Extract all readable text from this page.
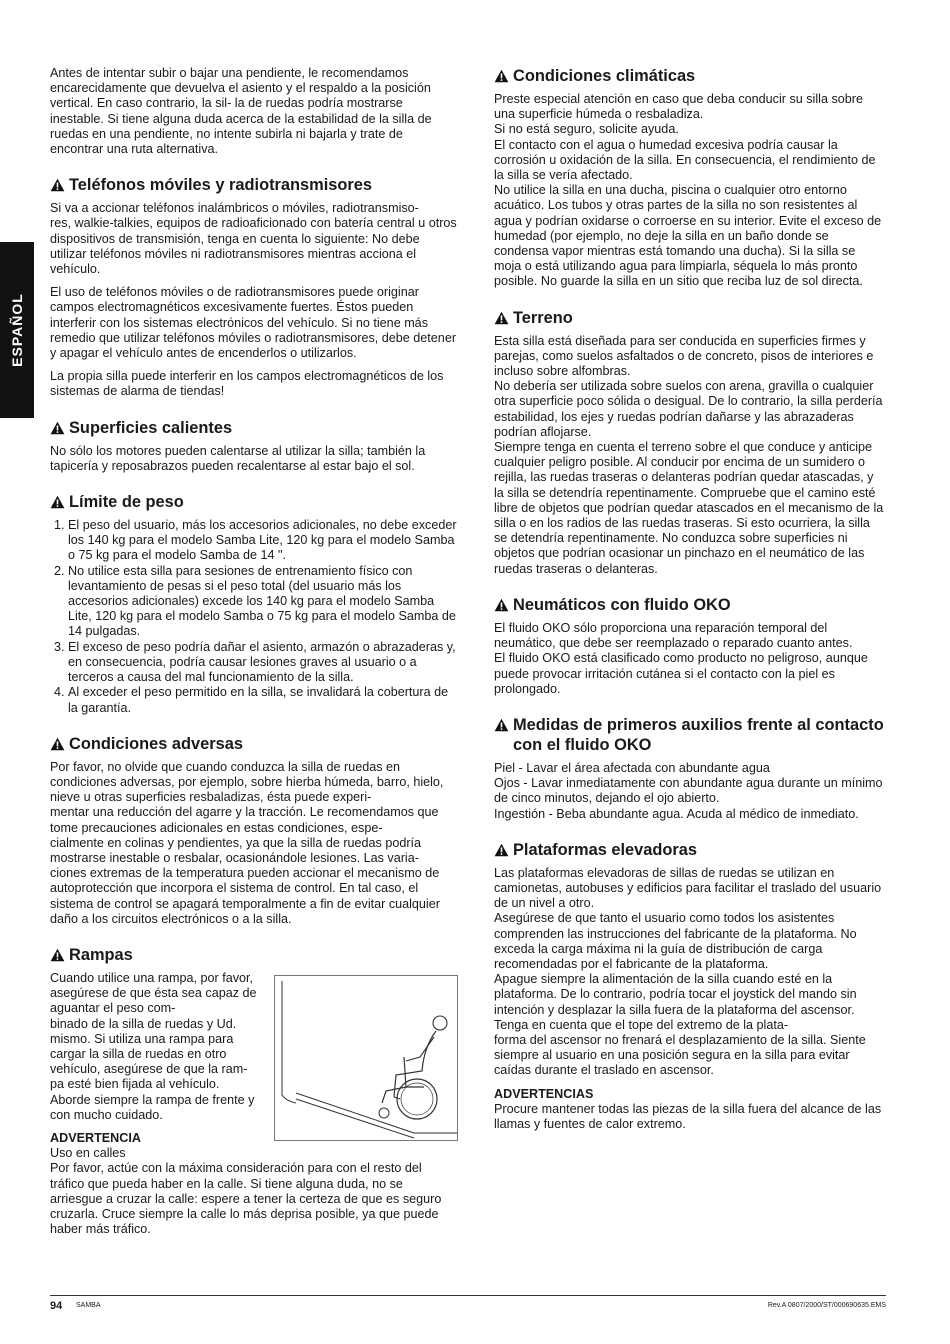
ESPAÑOL

Antes de intentar subir o bajar una pendiente, le recomendamos encarecidamente que devuelva el asiento y el respaldo a la posición vertical. En caso contrario, la sil- la de ruedas podría mostrarse inestable. Si tiene alguna duda acerca de la estabilidad de la silla de ruedas en una pendiente, no intente subirla ni bajarla y trate de encontrar una ruta alternativa.

Teléfonos móviles y radiotransmisores

Si va a accionar teléfonos inalámbricos o móviles, radiotransmiso-
res, walkie-talkies, equipos de radioaficionado con batería central u otros dispositivos de transmisión, tenga en cuenta lo siguiente: No debe utilizar teléfonos móviles ni radiotransmisores mientras acciona el vehículo.

El uso de teléfonos móviles o de radiotransmisores puede originar campos electromagnéticos excesivamente fuertes. Éstos pueden interferir con los sistemas electrónicos del vehículo. Si no tiene más remedio que utilizar teléfonos móviles o radiotransmisores, debe detener y apagar el vehículo antes de encenderlos o utilizarlos.

La propia silla puede interferir en los campos electromagnéticos de los sistemas de alarma de tiendas!

Superficies calientes

No sólo los motores pueden calentarse al utilizar la silla; también la tapicería y reposabrazos pueden recalentarse al estar bajo el sol.

Límite de peso
1. El peso del usuario, más los accesorios adicionales, no debe exceder los 140 kg para el modelo Samba Lite, 120 kg para el modelo Samba o 75 kg para el modelo Samba de 14 ".
2. No utilice esta silla para sesiones de entrenamiento físico con levantamiento de pesas si el peso total (del usuario más los accesorios adicionales) excede los 140 kg para el modelo Samba Lite, 120 kg para el modelo Samba o 75 kg para el modelo Samba de 14 pulgadas.
3. El exceso de peso podría dañar el asiento, armazón o abrazaderas y, en consecuencia, podría causar lesiones graves al usuario o a terceros a causa del mal funcionamiento de la silla.
4. Al exceder el peso permitido en la silla, se invalidará la cobertura de la garantía.
Condiciones adversas

Por favor, no olvide que cuando conduzca la silla de ruedas en condiciones adversas, por ejemplo, sobre hierba húmeda, barro, hielo, nieve u otras superficies resbaladizas, ésta puede experi-
mentar una reducción del agarre y la tracción. Le recomendamos que tome precauciones adicionales en estas condiciones, espe-
cialmente en colinas y pendientes, ya que la silla de ruedas podría mostrarse inestable o resbalar, ocasionándole lesiones. Las varia-
ciones extremas de la temperatura pueden accionar el mecanismo de autoprotección que incorpora el sistema de control. En tal caso, el sistema de control se apagará temporalmente a fin de evitar cualquier daño a los circuitos electrónicos o a la silla.

Rampas

Cuando utilice una rampa, por favor, asegúrese de que ésta sea capaz de aguantar el peso com-
binado de la silla de ruedas y Ud. mismo. Si utiliza una rampa para cargar la silla de ruedas en otro vehículo, asegúrese de que la ram-
pa esté bien fijada al vehículo. Aborde siempre la rampa de frente y con mucho cuidado.

ADVERTENCIA
Uso en calles

Por favor, actúe con la máxima consideración para con el resto del tráfico que pueda haber en la calle. Si tiene alguna duda, no se arriesgue a cruzar la calle: espere a tener la certeza de que es seguro cruzarla. Cruce siempre la calle lo más deprisa posible, ya que puede haber más tráfico.

Condiciones climáticas

Preste especial atención en caso que deba conducir su silla sobre una superficie húmeda o resbaladiza.
Si no está seguro, solicite ayuda.
El contacto con el agua o humedad excesiva podría causar la corrosión u oxidación de la silla. En consecuencia, el rendimiento de la silla se vería afectado.
No utilice la silla en una ducha, piscina o cualquier otro entorno acuático. Los tubos y otras partes de la silla no son resistentes al agua y podrían oxidarse o corroerse en su interior. Evite el exceso de humedad (por ejemplo, no deje la silla en un baño donde se condensa vapor mientras está tomando una ducha). Si la silla se moja o está utilizando agua para limpiarla, séquela lo más pronto posible. No guarde la silla en un sitio que reciba luz de sol directa.

Terreno

Esta silla está diseñada para ser conducida en superficies firmes y parejas, como suelos asfaltados o de concreto, pisos de interiores e incluso sobre alfombras.
No debería ser utilizada sobre suelos con arena, gravilla o cualquier otra superficie poco sólida o desigual. De lo contrario, la silla perdería estabilidad, los ejes y ruedas podrían dañarse y las abrazaderas podrían aflojarse.
Siempre tenga en cuenta el terreno sobre el que conduce y anticipe cualquier peligro posible. Al conducir por encima de un sumidero o rejilla, las ruedas traseras o delanteras podrían quedar atascadas, y la silla se detendría repentinamente. Compruebe que el camino esté libre de objetos que podrían quedar atascados en el mecanismo de la silla o en los radios de las ruedas traseras. Si esto ocurriera, la silla se detendría repentinamente. No conduzca sobre superficies ni objetos que podrían ocasionar un pinchazo en el neumático de las ruedas traseras o delanteras.

Neumáticos con fluido OKO

El fluido OKO sólo proporciona una reparación temporal del neumático, que debe ser reemplazado o reparado cuanto antes.
El fluido OKO está clasificado como producto no peligroso, aunque puede provocar irritación cutánea si el contacto con la piel es prolongado.

Medidas de primeros auxilios frente al contacto con el fluido OKO

Piel - Lavar el área afectada con abundante agua
Ojos - Lavar inmediatamente con abundante agua durante un mínimo de cinco minutos, dejando el ojo abierto.
Ingestión - Beba abundante agua. Acuda al médico de inmediato.

Plataformas elevadoras

Las plataformas elevadoras de sillas de ruedas se utilizan en camionetas, autobuses y edificios para facilitar el traslado del usuario de un nivel a otro.
Asegúrese de que tanto el usuario como todos los asistentes comprenden las instrucciones del fabricante de la plataforma. No exceda la carga máxima ni la guía de distribución de carga recomendadas por el fabricante de la plataforma.
Apague siempre la alimentación de la silla cuando esté en la plataforma. De lo contrario, podría tocar el joystick del mando sin intención y desplazar la silla fuera de la plataforma del ascensor. Tenga en cuenta que el tope del extremo de la plata-
forma del ascensor no frenará el desplazamiento de la silla. Siente siempre al usuario en una posición segura en la silla para evitar caídas durante el traslado en ascensor.

ADVERTENCIAS

Procure mantener todas las piezas de la silla fuera del alcance de las llamas y fuentes de calor extremo.

94 SAMBA	Rev.A 0807/2000/ST/000690635.EMS
